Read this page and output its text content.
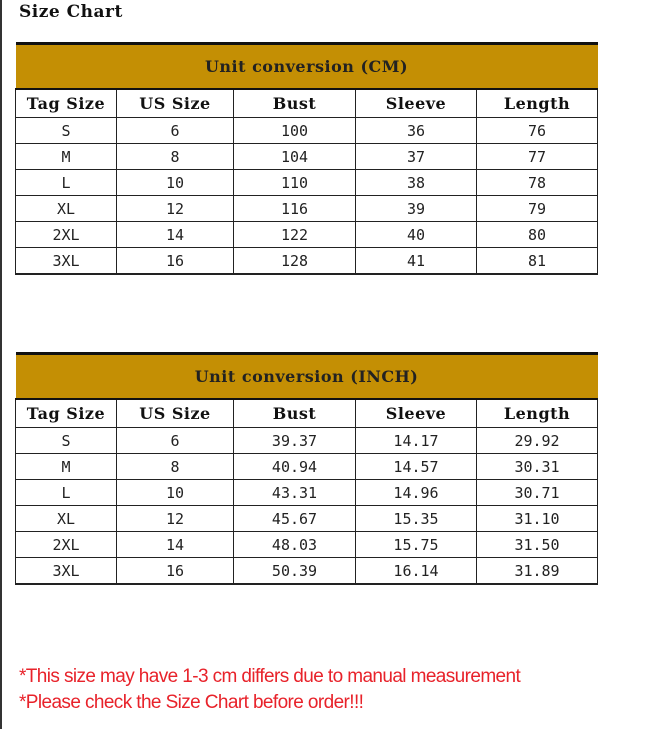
Size Chart
Unit conversion (CM)				
Tag Size	US Size	Bust	Sleeve	Length
S	6	100	36	76
M	8	104	37	77
L	10	110	38	78
XL	12	116	39	79
2XL	14	122	40	80
3XL	16	128	41	81
Unit conversion (INCH)				
Tag Size	US Size	Bust	Sleeve	Length
S	6	39.37	14.17	29.92
M	8	40.94	14.57	30.31
L	10	43.31	14.96	30.71
XL	12	45.67	15.35	31.10
2XL	14	48.03	15.75	31.50
3XL	16	50.39	16.14	31.89
*This size may have 1-3 cm differs due to manual measurement
*Please check the Size Chart before order!!!
